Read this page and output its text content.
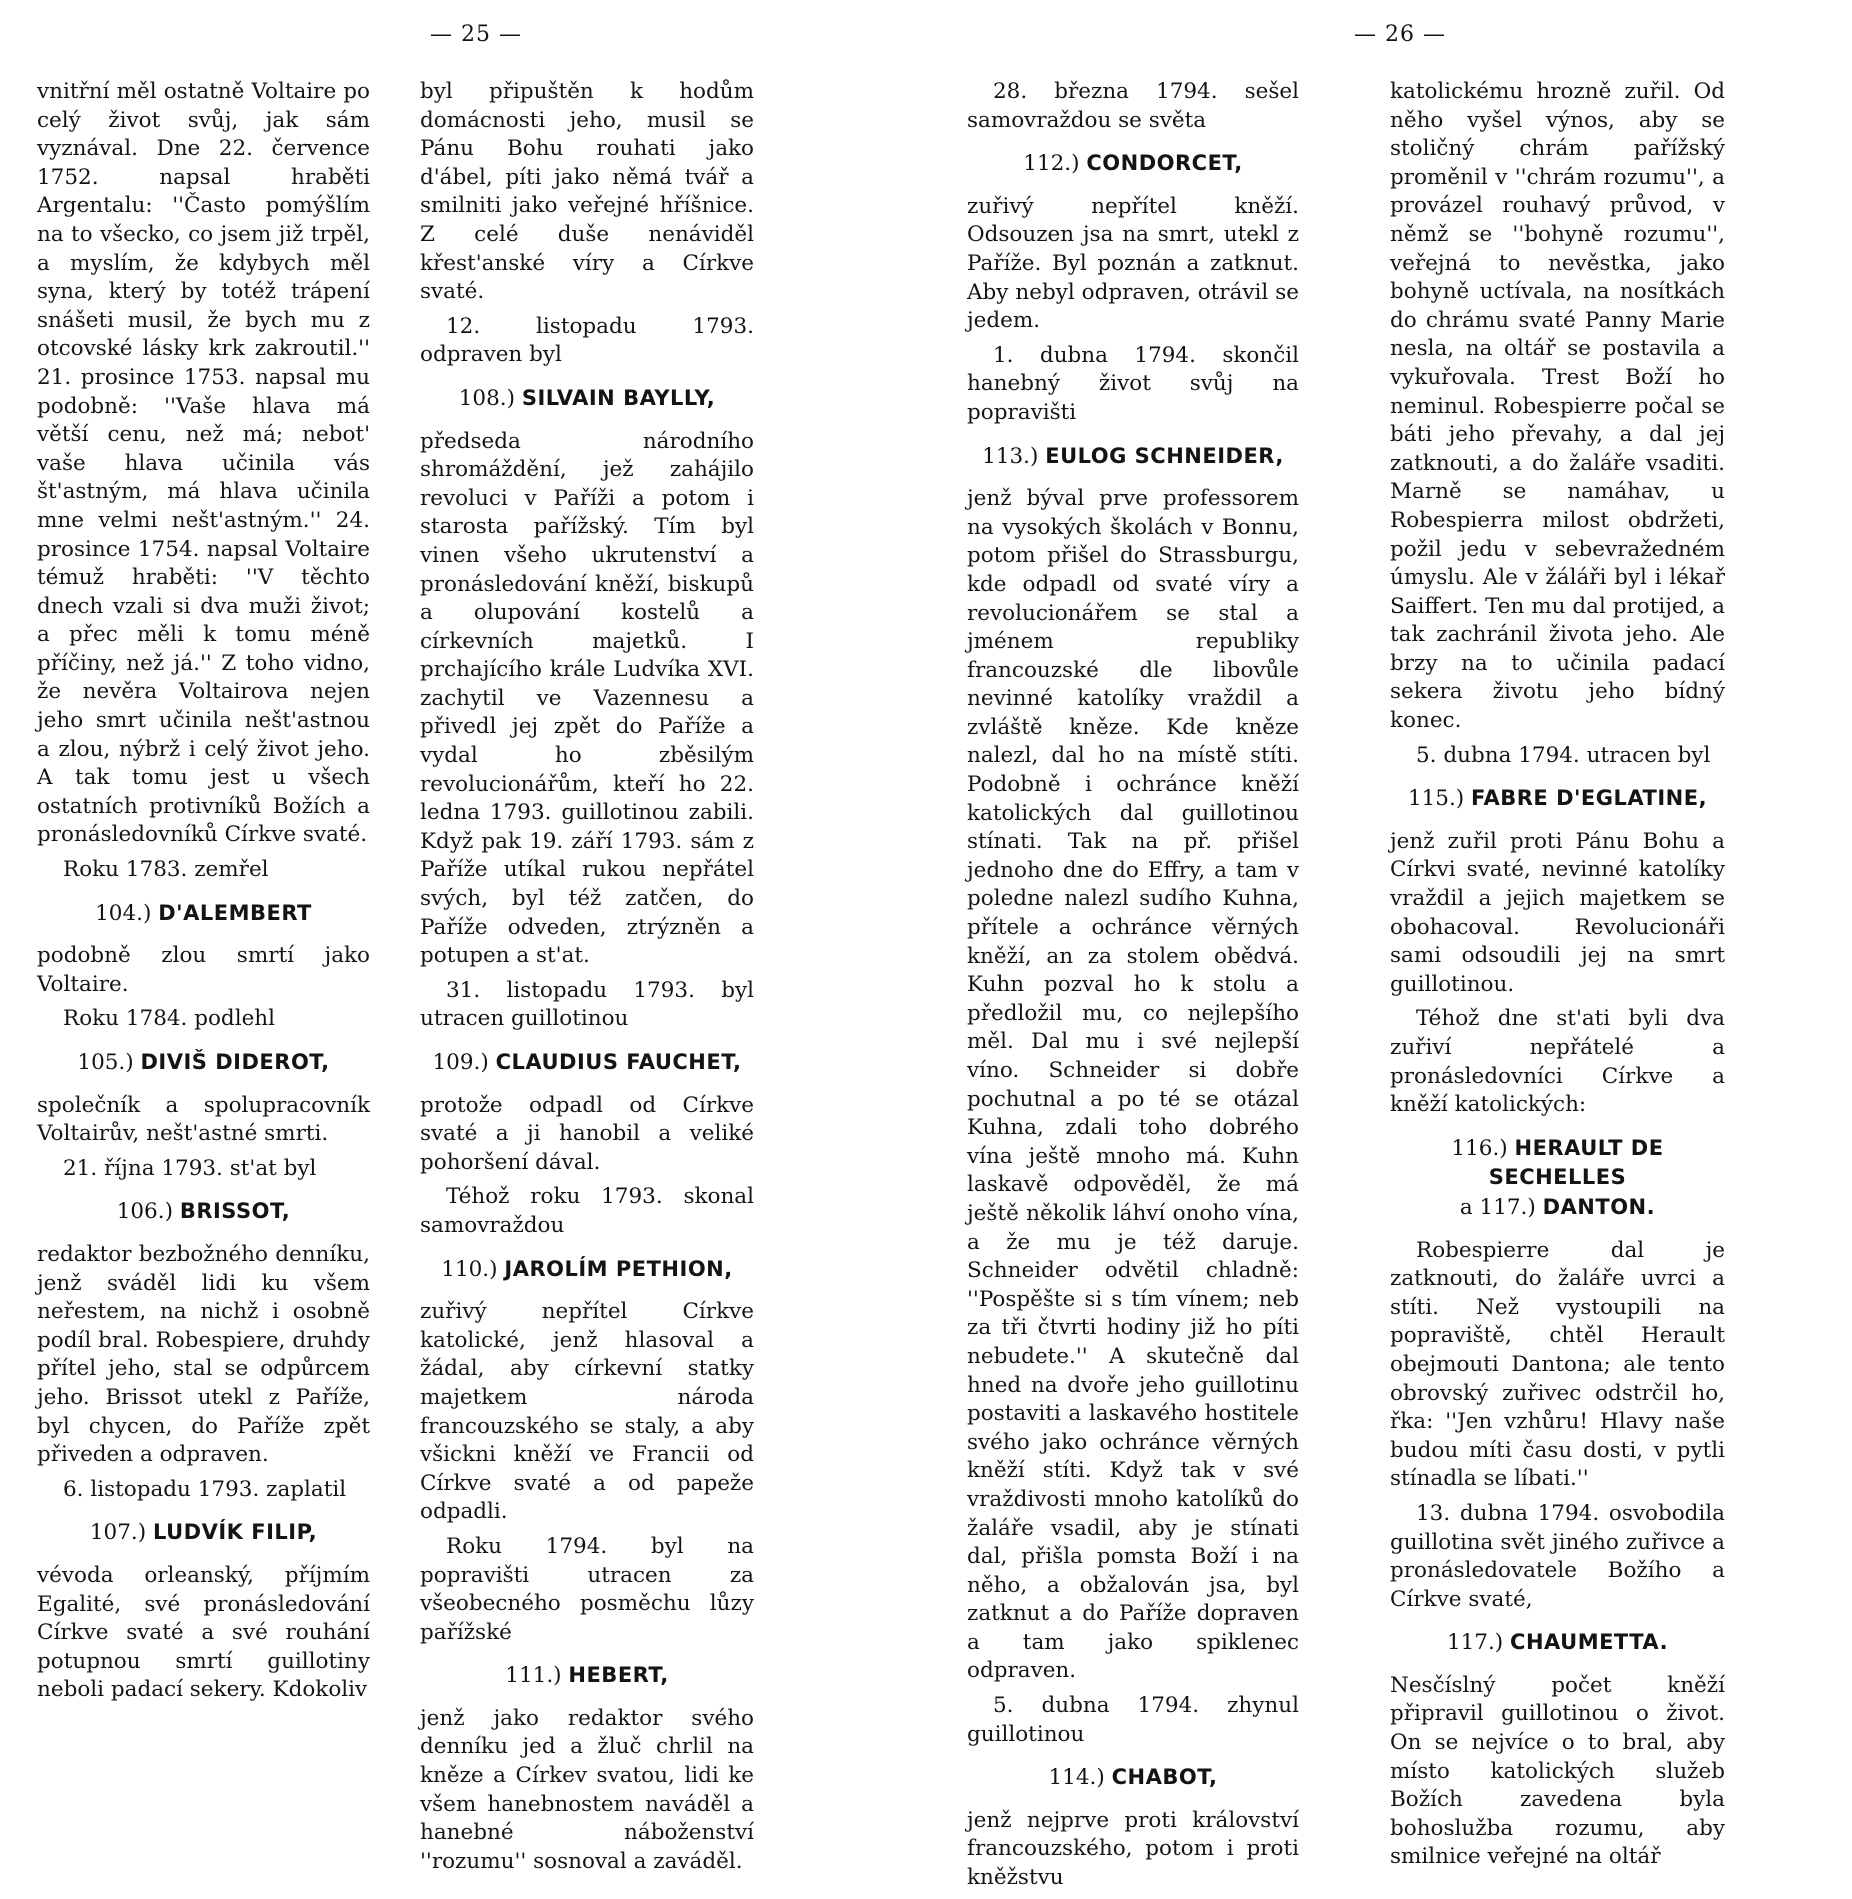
— 25 —

vnitřní měl ostatně Voltaire po celý život svůj, jak sám vyznával. Dne 22. července 1752. napsal hraběti Argentalu: ''Často pomýšlím na to všecko, co jsem již trpěl, a myslím, že kdybych měl syna, který by totéž trápení snášeti musil, že bych mu z otcovské lásky krk zakroutil.'' 21. prosince 1753. napsal mu podobně: ''Vaše hlava má větší cenu, než má; nebot' vaše hlava učinila vás št'astným, má hlava učinila mne velmi nešt'astným.'' 24. prosince 1754. napsal Voltaire témuž hraběti: ''V těchto dnech vzali si dva muži život; a přec měli k tomu méně příčiny, než já.'' Z toho vidno, že nevěra Voltairova nejen jeho smrt učinila nešt'astnou a zlou, nýbrž i celý život jeho. A tak tomu jest u všech ostatních protivníků Božích a pronásledovníků Církve svaté.

Roku 1783. zemřel

104.) D'ALEMBERT

podobně zlou smrtí jako Voltaire.

Roku 1784. podlehl

105.) DIVIŠ DIDEROT,

společník a spolupracovník Voltairův, nešt'astné smrti.

21. října 1793. st'at byl

106.) BRISSOT,

redaktor bezbožného denníku, jenž sváděl lidi ku všem neřestem, na nichž i osobně podíl bral. Robespiere, druhdy přítel jeho, stal se odpůrcem jeho. Brissot utekl z Paříže, byl chycen, do Paříže zpět přiveden a odpraven.

6. listopadu 1793. zaplatil

107.) LUDVÍK FILIP,

vévoda orleanský, příjmím Egalité, své pronásledování Církve svaté a své rouhání potupnou smrtí guillotiny neboli padací sekery. Kdokoliv

byl připuštěn k hodům domácnosti jeho, musil se Pánu Bohu rouhati jako d'ábel, píti jako němá tvář a smilniti jako veřejné hříšnice. Z celé duše nenáviděl křest'anské víry a Církve svaté.

12. listopadu 1793. odpraven byl

108.) SILVAIN BAYLLY,

předseda národního shromáždění, jež zahájilo revoluci v Paříži a potom i starosta pařížský. Tím byl vinen všeho ukrutenství a pronásledování kněží, biskupů a olupování kostelů a církevních majetků. I prchajícího krále Ludvíka XVI. zachytil ve Vazennesu a přivedl jej zpět do Paříže a vydal ho zběsilým revolucionářům, kteří ho 22. ledna 1793. guillotinou zabili. Když pak 19. září 1793. sám z Paříže utíkal rukou nepřátel svých, byl též zatčen, do Paříže odveden, ztrýzněn a potupen a st'at.

31. listopadu 1793. byl utracen guillotinou

109.) CLAUDIUS FAUCHET,

protože odpadl od Církve svaté a ji hanobil a veliké pohoršení dával.

Téhož roku 1793. skonal samovraždou

110.) JAROLÍM PETHION,

zuřivý nepřítel Církve katolické, jenž hlasoval a žádal, aby církevní statky majetkem národa francouzského se staly, a aby všickni kněží ve Francii od Církve svaté a od papeže odpadli.

Roku 1794. byl na popravišti utracen za všeobecného posměchu lůzy pařížské

111.) HEBERT,

jenž jako redaktor svého denníku jed a žluč chrlil na kněze a Církev svatou, lidi ke všem hanebnostem naváděl a hanebné náboženství ''rozumu'' sosnoval a zaváděl.

— 26 —

28. března 1794. sešel samovraždou se světa

112.) CONDORCET,

zuřivý nepřítel kněží. Odsouzen jsa na smrt, utekl z Paříže. Byl poznán a zatknut. Aby nebyl odpraven, otrávil se jedem.

1. dubna 1794. skončil hanebný život svůj na popravišti

113.) EULOG SCHNEIDER,

jenž býval prve professorem na vysokých školách v Bonnu, potom přišel do Strassburgu, kde odpadl od svaté víry a revolucionářem se stal a jménem republiky francouzské dle libovůle nevinné katolíky vraždil a zvláště kněze. Kde kněze nalezl, dal ho na místě stíti. Podobně i ochránce kněží katolických dal guillotinou stínati. Tak na př. přišel jednoho dne do Effry, a tam v poledne nalezl sudího Kuhna, přítele a ochránce věrných kněží, an za stolem obědvá. Kuhn pozval ho k stolu a předložil mu, co nejlepšího měl. Dal mu i své nejlepší víno. Schneider si dobře pochutnal a po té se otázal Kuhna, zdali toho dobrého vína ještě mnoho má. Kuhn laskavě odpověděl, že má ještě několik láhví onoho vína, a že mu je též daruje. Schneider odvětil chladně: ''Pospěšte si s tím vínem; neb za tři čtvrti hodiny již ho píti nebudete.'' A skutečně dal hned na dvoře jeho guillotinu postaviti a laskavého hostitele svého jako ochránce věrných kněží stíti. Když tak v své vraždivosti mnoho katolíků do žaláře vsadil, aby je stínati dal, přišla pomsta Boží i na něho, a obžalován jsa, byl zatknut a do Paříže dopraven a tam jako spiklenec odpraven.

5. dubna 1794. zhynul guillotinou

114.) CHABOT,

jenž nejprve proti království francouzského, potom i proti kněžstvu

katolickému hrozně zuřil. Od něho vyšel výnos, aby se stoličný chrám pařížský proměnil v ''chrám rozumu'', a provázel rouhavý průvod, v němž se ''bohyně rozumu'', veřejná to nevěstka, jako bohyně uctívala, na nosítkách do chrámu svaté Panny Marie nesla, na oltář se postavila a vykuřovala. Trest Boží ho neminul. Robespierre počal se báti jeho převahy, a dal jej zatknouti, a do žaláře vsaditi. Marně se namáhav, u Robespierra milost obdržeti, požil jedu v sebevražedném úmyslu. Ale v žáláři byl i lékař Saiffert. Ten mu dal protijed, a tak zachránil života jeho. Ale brzy na to učinila padací sekera životu jeho bídný konec.

5. dubna 1794. utracen byl

115.) FABRE D'EGLATINE,

jenž zuřil proti Pánu Bohu a Církvi svaté, nevinné katolíky vraždil a jejich majetkem se obohacoval. Revolucionáři sami odsoudili jej na smrt guillotinou.

Téhož dne st'ati byli dva zuřiví nepřátelé a pronásledovníci Církve a kněží katolických:

116.) HERAULT DE SECHELLES
a 117.) DANTON.

Robespierre dal je zatknouti, do žaláře uvrci a stíti. Než vystoupili na popraviště, chtěl Herault obejmouti Dantona; ale tento obrovský zuřivec odstrčil ho, řka: ''Jen vzhůru! Hlavy naše budou míti času dosti, v pytli stínadla se líbati.''

13. dubna 1794. osvobodila guillotina svět jiného zuřivce a pronásledovatele Božího a Církve svaté,

117.) CHAUMETTA.

Nesčíslný počet kněží připravil guillotinou o život. On se nejvíce o to bral, aby místo katolických služeb Božích zavedena byla bohoslužba rozumu, aby smilnice veřejné na oltář
